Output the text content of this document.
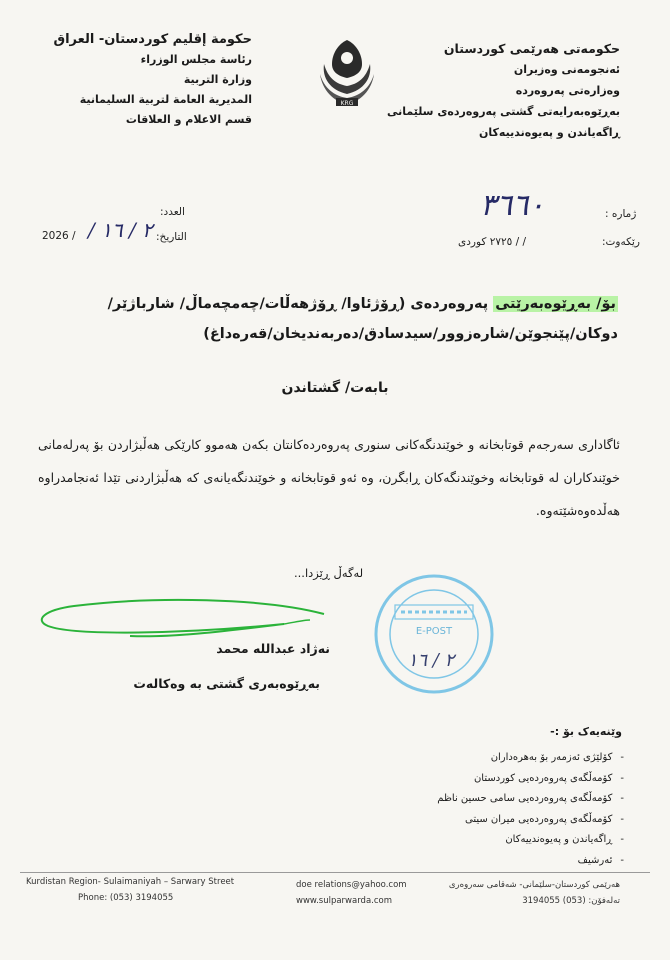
حكومة إقليم كوردستان- العراق
رئاسة مجلس الوزراء
وزارة التربية
المديرية العامة لتربية السليمانية
قسم الاعلام و العلاقات
KRG
حكومەتی هەرێمی کوردستان
ئەنجومەنی وەزیران
وەزارەتی پەروەردە
بەڕێوەبەرایەتی گشتی پەروەردەی سلێمانی
ڕاگەیاندن و پەیوەندییەکان
العدد:
التاريخ:
٢ / ١٦ /
2026 /
ژمارە :
٣٦٦٠
رێکەوت:
/ / ٢٧٢٥ کوردی
بۆ/ بەڕێوەبەرێتی پەروەردەی (ڕۆژئاوا/ ڕۆژهەڵات/چەمچەماڵ/ شارباژێر/
دوکان/پێنجوێن/شارەزوور/سیدسادق/دەربەندیخان/قەرەداغ)
بابەت/ گشتاندن
ئاگاداری سەرجەم قوتابخانە و خوێندنگەکانی سنوری پەروەردەکانتان بکەن هەموو کارێکی هەڵبژاردن بۆ پەرلەمانی خوێندکاران لە قوتابخانە وخوێندنگەکان ڕابگرن، وە ئەو قوتابخانە و خوێندنگەیانەی کە هەڵبژاردنی تێدا ئەنجامدراوە هەڵدەوەشێتەوە.
لەگەڵ ڕێزدا...
نەژاد عبدالله محمد
بەڕێوەبەری گشتی بە وەکالەت
E-POST
٢ / ١٦
وێنەیەک بۆ :-
-کۆلێژی ئەزمەر بۆ بەهرەداران
-کۆمەڵگەی پەروەردەیی کوردستان
-کۆمەڵگەی پەروەردەیی سامی حسین ناظم
-کۆمەڵگەی پەروەردەیی میران سیتی
-ڕاگەیاندن و پەیوەندییەکان
-ئەرشیف
Kurdistan Region- Sulaimaniyah – Sarwary Street
Phone: (053) 3194055
doe relations@yahoo.com
www.sulparwarda.com
هەرێمی کوردستان-سلێمانی- شەقامی سەروەری
تەلەفۆن: (053) 3194055
